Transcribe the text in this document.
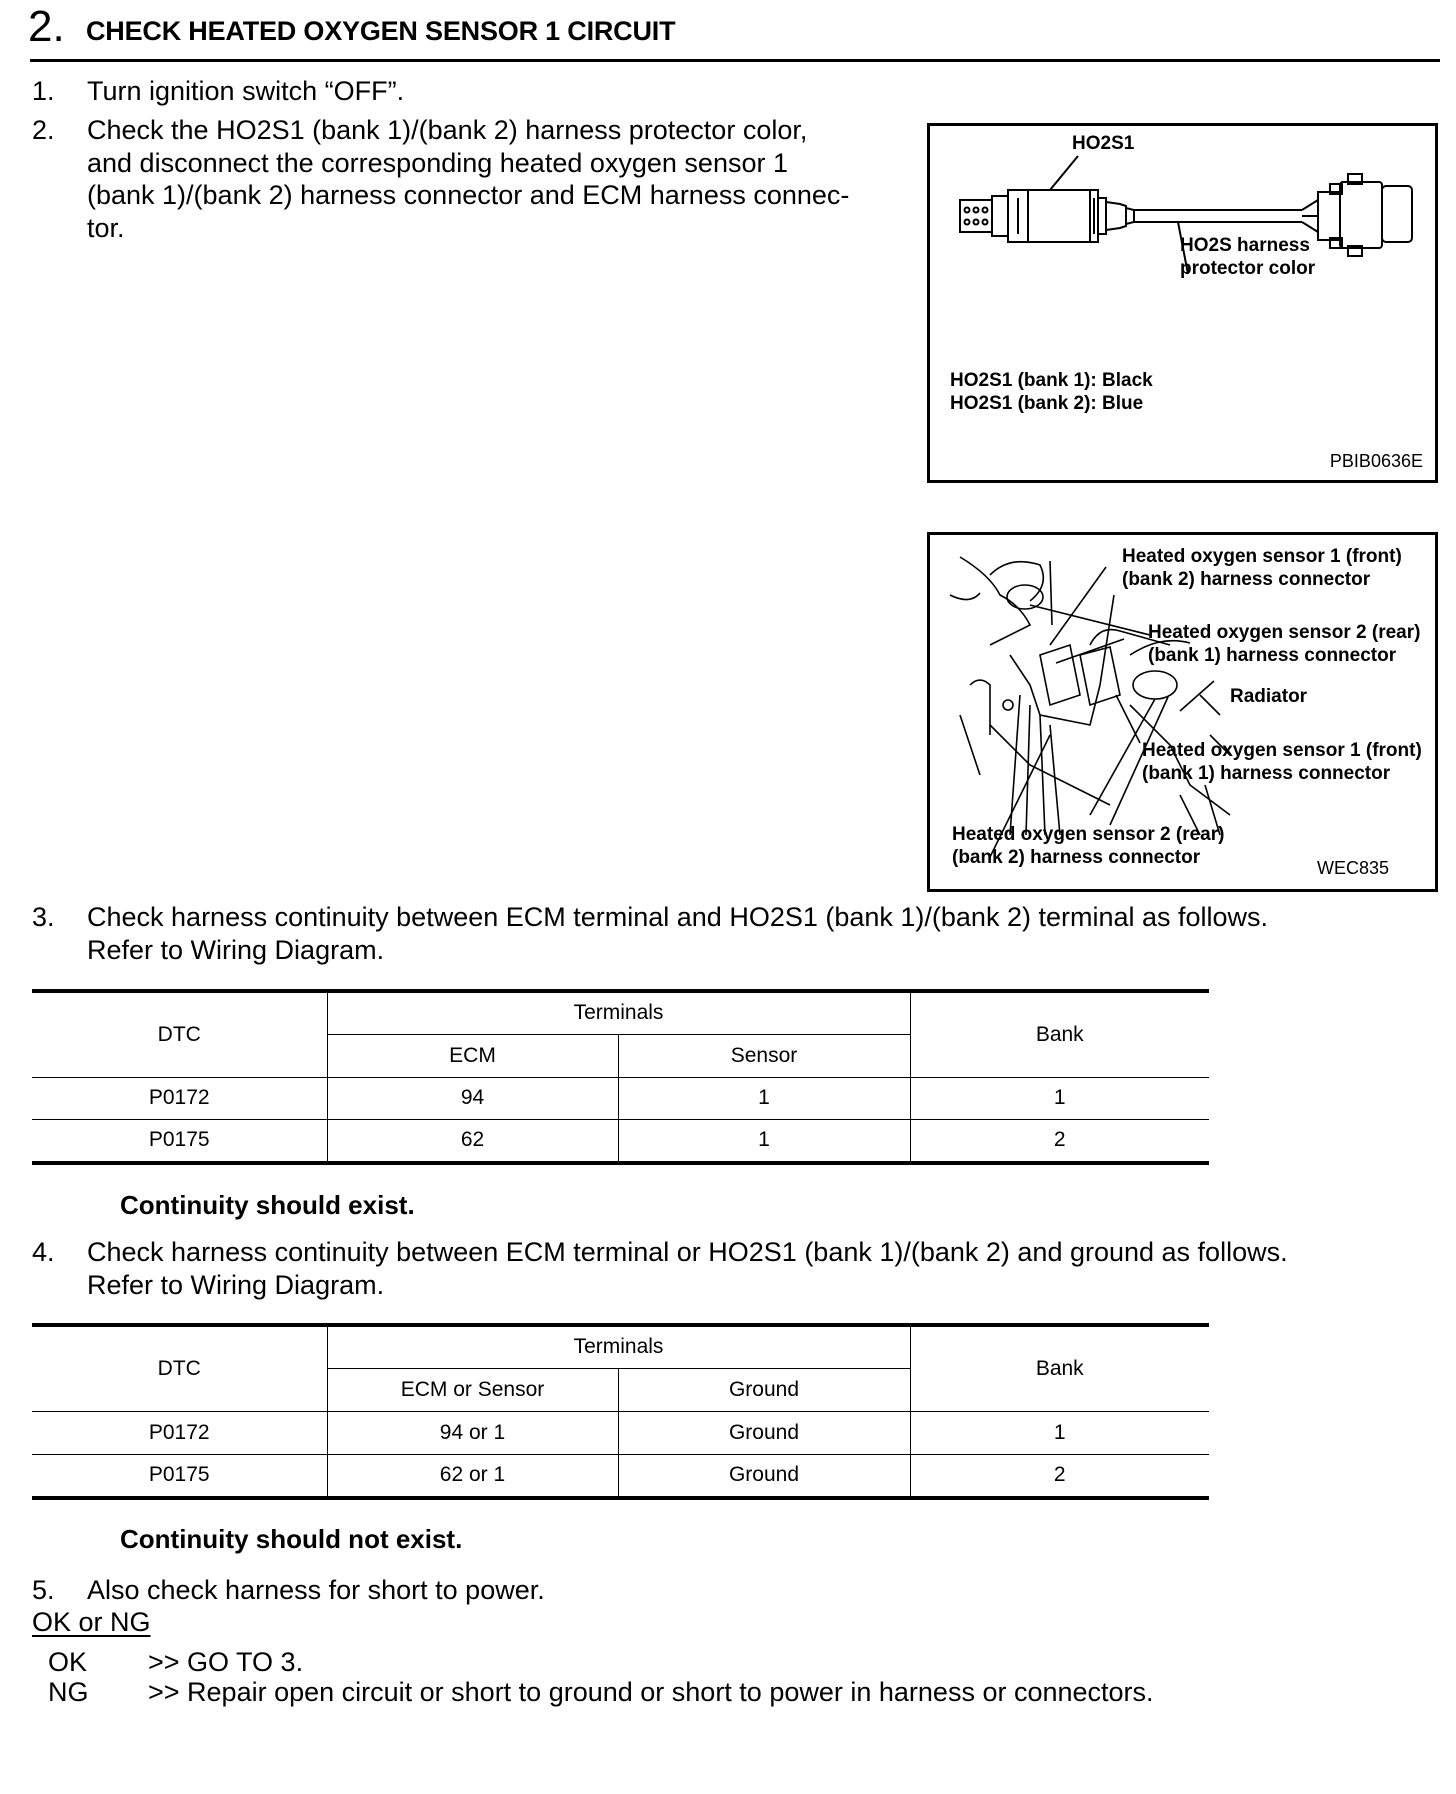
2. CHECK HEATED OXYGEN SENSOR 1 CIRCUIT
1. Turn ignition switch “OFF”.
2. Check the HO2S1 (bank 1)/(bank 2) harness protector color,
and disconnect the corresponding heated oxygen sensor 1
(bank 1)/(bank 2) harness connector and ECM harness connec-
tor.
HO2S1
HO2S harness
protector color
HO2S1 (bank 1): Black
HO2S1 (bank 2): Blue
PBIB0636E
Heated oxygen sensor 1 (front)
(bank 2) harness connector
Heated oxygen sensor 2 (rear)
(bank 1) harness connector
Radiator
Heated oxygen sensor 1 (front)
(bank 1) harness connector
Heated oxygen sensor 2 (rear)
(bank 2) harness connector	WEC835
3. Check harness continuity between ECM terminal and HO2S1 (bank 1)/(bank 2) terminal as follows.
Refer to Wiring Diagram.
DTC	Terminals		Bank
	ECM	Sensor	
P0172	94	1	1
P0175	62	1	2
Continuity should exist.
4. Check harness continuity between ECM terminal or HO2S1 (bank 1)/(bank 2) and ground as follows.
Refer to Wiring Diagram.
DTC	Terminals		Bank
	ECM or Sensor	Ground	
P0172	94 or 1	Ground	1
P0175	62 or 1	Ground	2
Continuity should not exist.
5. Also check harness for short to power.
OK or NG
OK >> GO TO 3.
NG >> Repair open circuit or short to ground or short to power in harness or connectors.
